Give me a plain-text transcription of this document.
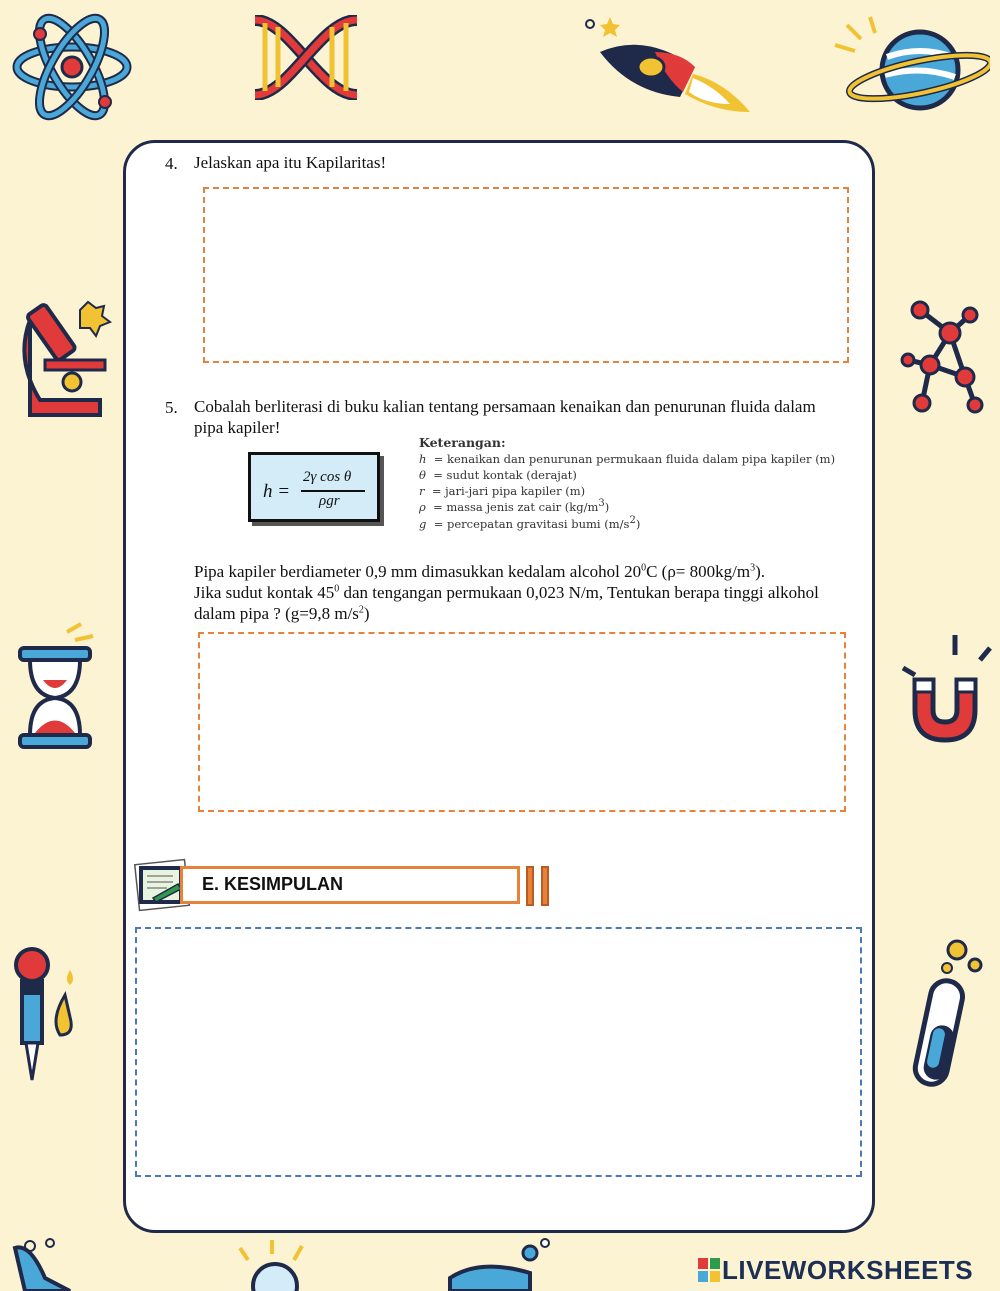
4. Jelaskan apa itu Kapilaritas!
5. Cobalah berliterasi di buku kalian tentang persamaan kenaikan dan penurunan fluida dalam
pipa kapiler!
h =
2γ cos θ
ρgr
Keterangan:
h = kenaikan dan penurunan permukaan fluida dalam pipa kapiler (m)
θ = sudut kontak (derajat)
r = jari-jari pipa kapiler (m)
ρ = massa jenis zat cair $(kg/m^3)$
g = percepatan gravitasi bumi $(m/s^2)$
Pipa kapiler berdiameter 0,9 mm dimasukkan kedalam alcohol $20^0C$ $(\rho= 800kg/m^3)$.
Jika sudut kontak $45^0$ dan tengangan permukaan 0,023 N/m, Tentukan berapa tinggi alkohol
dalam pipa ? (g=9,8 $m/s^2$)
E. KESIMPULAN
LIVEWORKSHEETS
